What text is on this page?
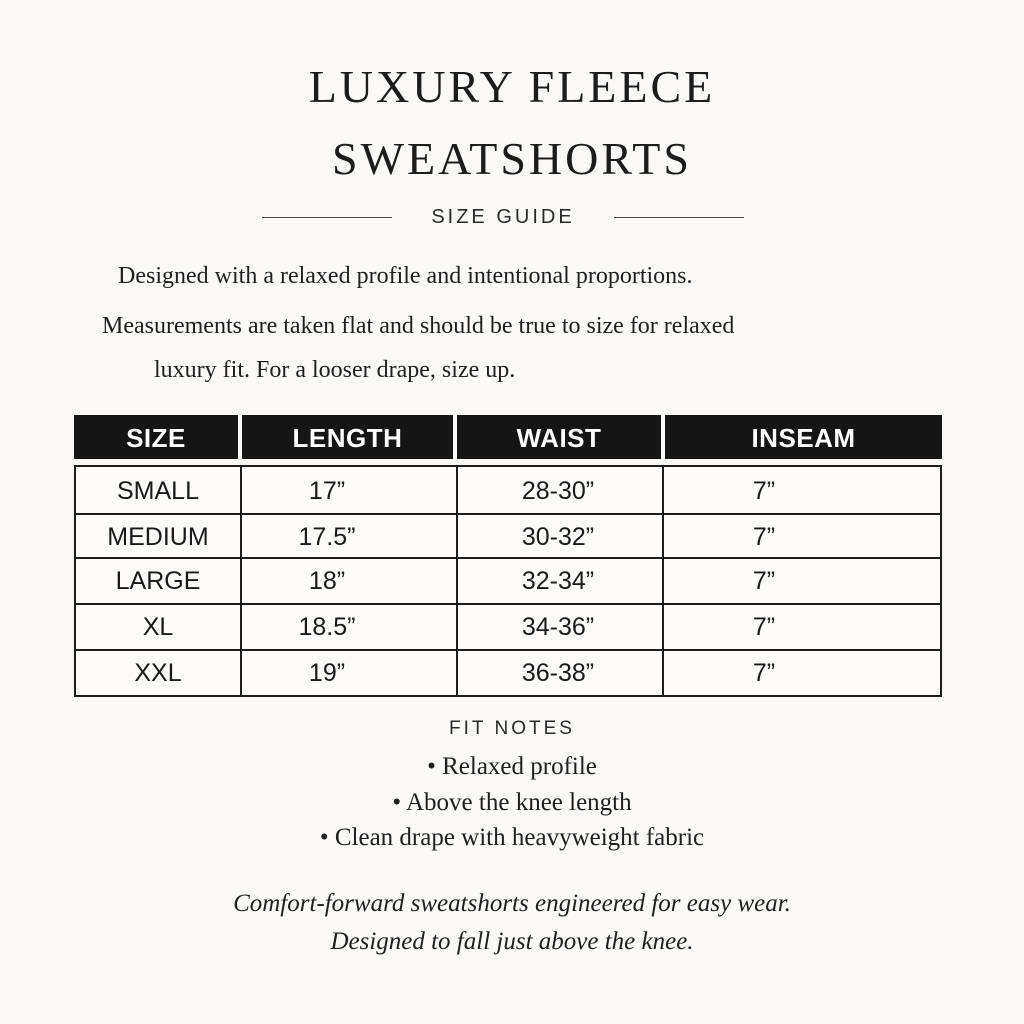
LUXURY FLEECE
SWEATSHORTS
SIZE GUIDE
Designed with a relaxed profile and intentional proportions.
Measurements are taken flat and should be true to size for relaxed
luxury fit. For a looser drape, size up.
SIZE	LENGTH	WAIST	INSEAM
SMALL	17”	28-30”	7”
MEDIUM	17.5”	30-32”	7”
LARGE	18”	32-34”	7”
XL	18.5”	34-36”	7”
XXL	19”	36-38”	7”
FIT NOTES
• Relaxed profile
• Above the knee length
• Clean drape with heavyweight fabric
Comfort-forward sweatshorts engineered for easy wear.
Designed to fall just above the knee.
